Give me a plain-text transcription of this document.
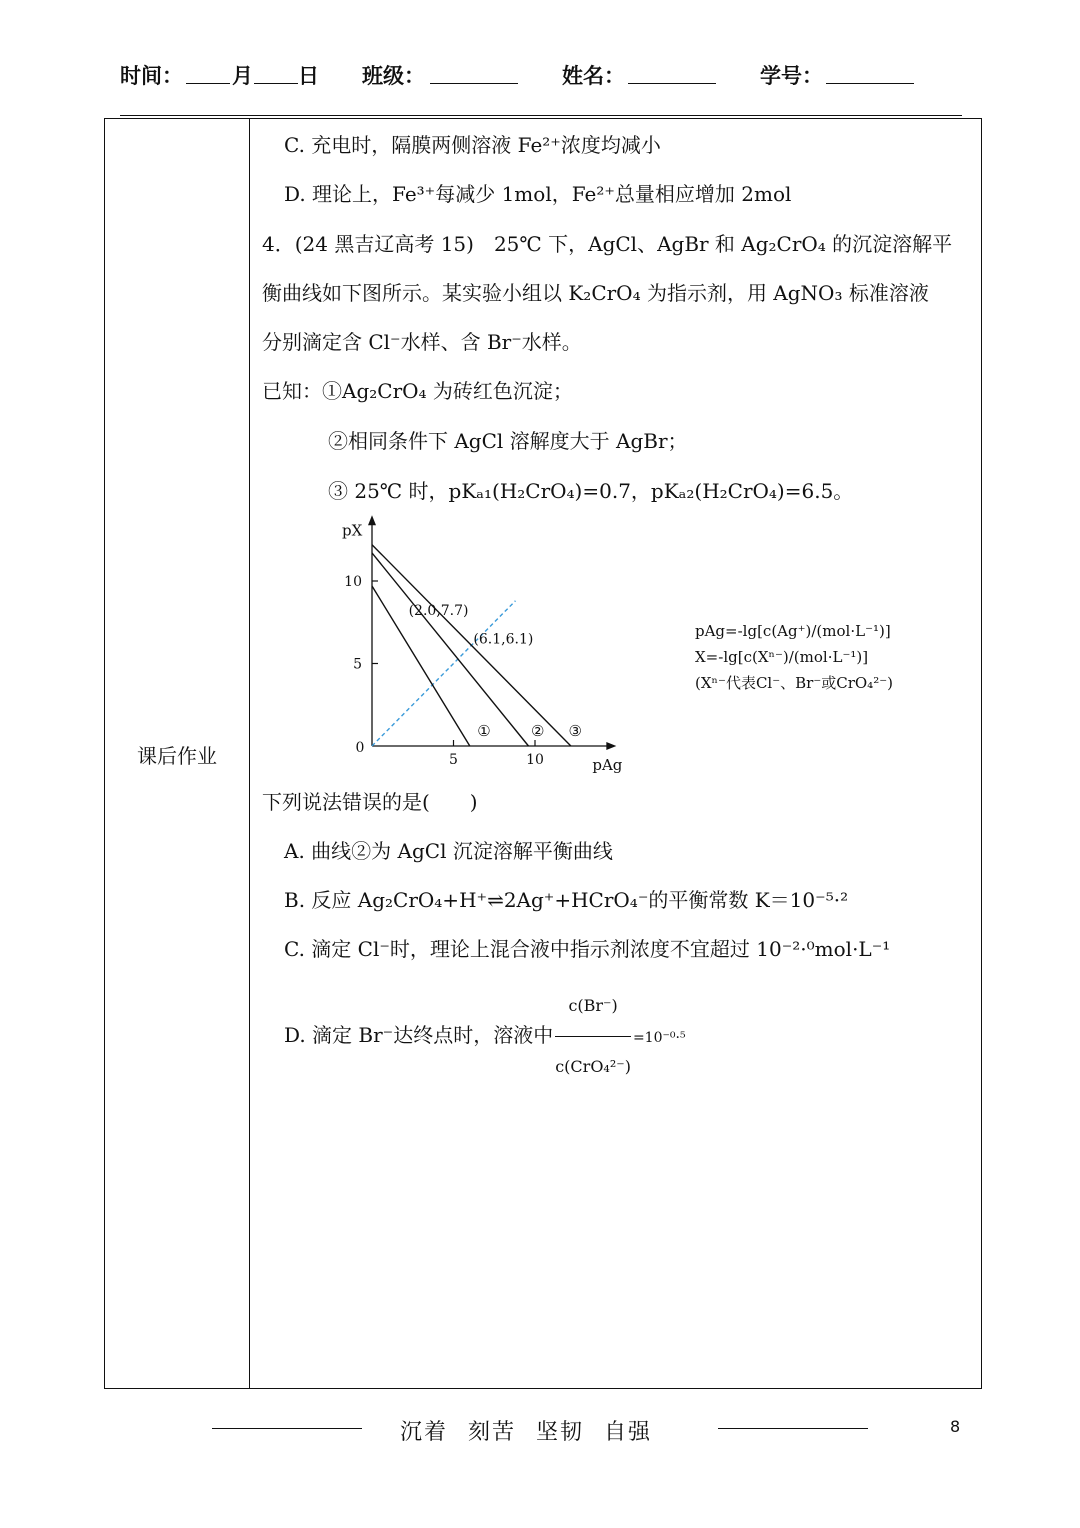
时间： 月 日 班级：	姓名：	学号：
课后作业
C. 充电时，隔膜两侧溶液 Fe²⁺浓度均减小
D. 理论上，Fe³⁺每减少 1mol，Fe²⁺总量相应增加 2mol
4．(24 黑吉辽高考 15)　25℃ 下，AgCl、AgBr 和 Ag₂CrO₄ 的沉淀溶解平
衡曲线如下图所示。某实验小组以 K₂CrO₄ 为指示剂，用 AgNO₃ 标准溶液
分别滴定含 Cl⁻水样、含 Br⁻水样。
已知：①Ag₂CrO₄ 为砖红色沉淀；
②相同条件下 AgCl 溶解度大于 AgBr；
③ 25℃ 时，pKₐ₁(H₂CrO₄)=0.7，pKₐ₂(H₂CrO₄)=6.5。
0
5	10
5
10
pX
pAg
①	② ③
(2.0,7.7)
(6.1,6.1)	pAg=-lg[c(Ag⁺)/(mol·L⁻¹)]
X=-lg[c(Xⁿ⁻)/(mol·L⁻¹)]
(Xⁿ⁻代表Cl⁻、Br⁻或CrO₄²⁻)
下列说法错误的是(　　)
A. 曲线②为 AgCl 沉淀溶解平衡曲线
B. 反应 Ag₂CrO₄+H⁺⇌2Ag⁺+HCrO₄⁻的平衡常数 K＝10⁻⁵·²
C. 滴定 Cl⁻时，理论上混合液中指示剂浓度不宜超过 10⁻²·⁰mol·L⁻¹
D. 滴定 Br⁻达终点时，溶液中 $\frac{c(Br^-)}{\text{c(CrO₄²⁻)}} =10^{-0}\cdot^5$
沉着 刻苦 坚韧 自强	8
